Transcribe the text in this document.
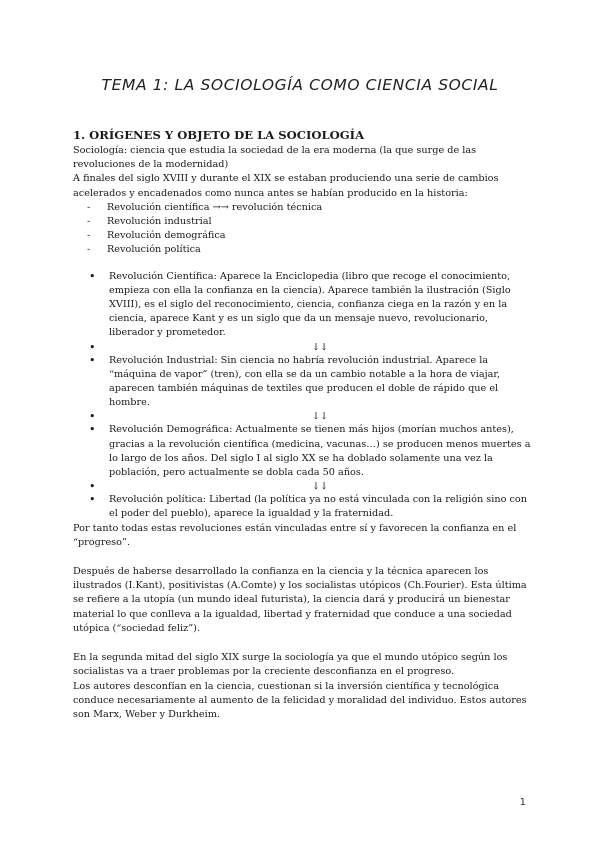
TEMA 1: LA SOCIOLOGÍA COMO CIENCIA SOCIAL
1. ORÍGENES Y OBJETO DE LA SOCIOLOGÍA

Sociología: ciencia que estudia la sociedad de la era moderna (la que surge de las revoluciones de la modernidad)

A finales del siglo XVIII y durante el XIX se estaban produciendo una serie de cambios acelerados y encadenados como nunca antes se habían producido en la historia:

- Revolución científica →→ revolución técnica
- Revolución industrial
- Revolución demográfica
- Revolución política
• Revolución Científica: Aparece la Enciclopedia (libro que recoge el conocimiento, empieza con ella la confianza en la ciencia). Aparece también la ilustración (Siglo XVIII), es el siglo del reconocimiento, ciencia, confianza ciega en la razón y en la ciencia, aparece Kant y es un siglo que da un mensaje nuevo, revolucionario, liberador y prometedor.
• ↓↓
• Revolución Industrial: Sin ciencia no habría revolución industrial. Aparece la “máquina de vapor” (tren), con ella se da un cambio notable a la hora de viajar, aparecen también máquinas de textiles que producen el doble de rápido que el hombre.
• ↓↓
• Revolución Demográfica: Actualmente se tienen más hijos (morían muchos antes), gracias a la revolución científica (medicina, vacunas…) se producen menos muertes a lo largo de los años. Del siglo I al siglo XX se ha doblado solamente una vez la población, pero actualmente se dobla cada 50 años.
• ↓↓
• Revolución política: Libertad (la política ya no está vinculada con la religión sino con el poder del pueblo), aparece la igualdad y la fraternidad.

Por tanto todas estas revoluciones están vinculadas entre sí y favorecen la confianza en el “progreso”.

Después de haberse desarrollado la confianza en la ciencia y la técnica aparecen los ilustrados (I.Kant), positivistas (A.Comte) y los socialistas utópicos (Ch.Fourier). Esta última se refiere a la utopía (un mundo ideal futurista), la ciencia dará y producirá un bienestar material lo que conlleva a la igualdad, libertad y fraternidad que conduce a una sociedad utópica (“sociedad feliz”).

En la segunda mitad del siglo XIX surge la sociología ya que el mundo utópico según los socialistas va a traer problemas por la creciente desconfianza en el progreso.

Los autores desconfían en la ciencia, cuestionan si la inversión científica y tecnológica conduce necesariamente al aumento de la felicidad y moralidad del individuo. Estos autores son Marx, Weber y Durkheim.

1
